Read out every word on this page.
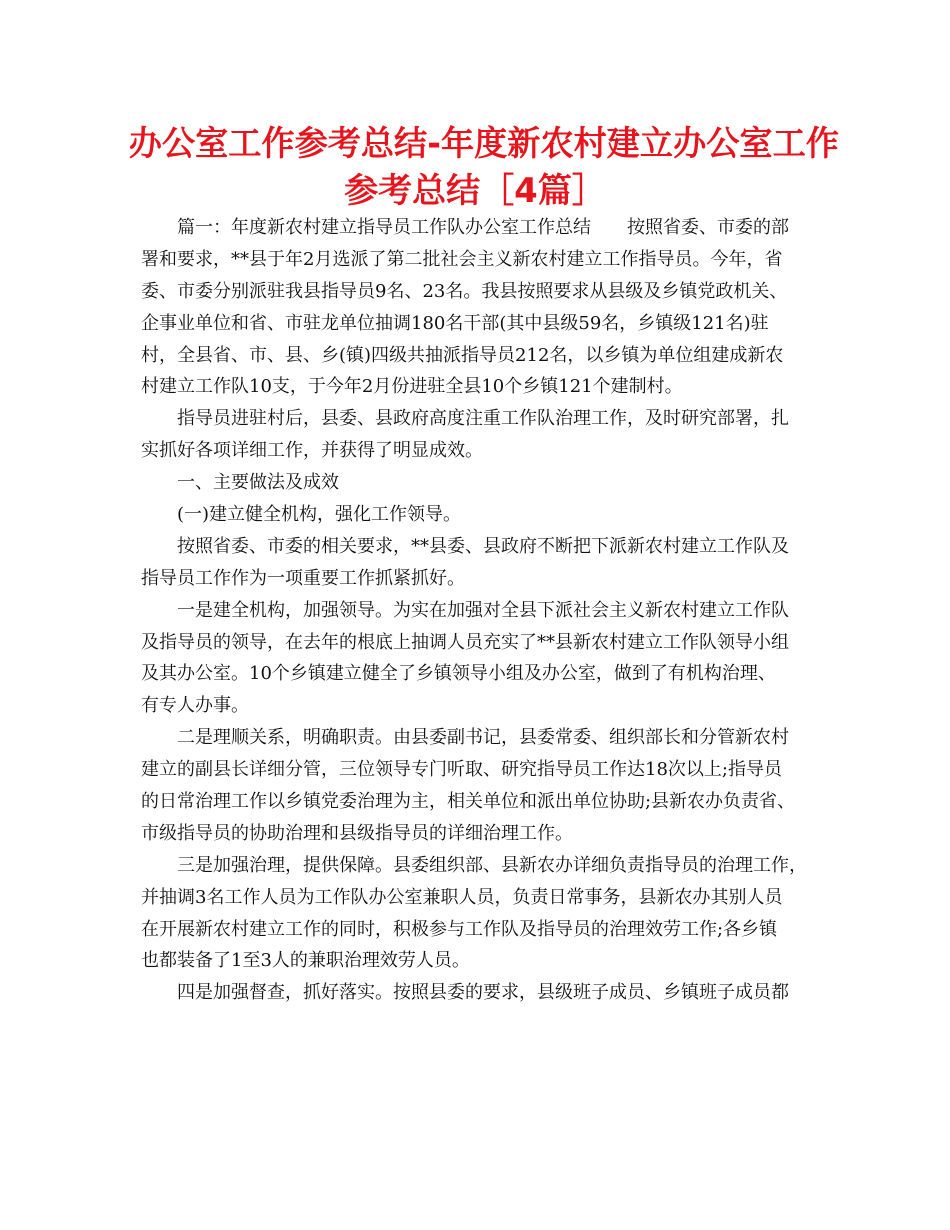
办公室工作参考总结-年度新农村建立办公室工作
参考总结［4篇］
篇一：年度新农村建立指导员工作队办公室工作总结　　按照省委、市委的部
署和要求，**县于年2月选派了第二批社会主义新农村建立工作指导员。今年，省
委、市委分别派驻我县指导员9名、23名。我县按照要求从县级及乡镇党政机关、
企事业单位和省、市驻龙单位抽调180名干部(其中县级59名，乡镇级121名)驻
村，全县省、市、县、乡(镇)四级共抽派指导员212名，以乡镇为单位组建成新农
村建立工作队10支，于今年2月份进驻全县10个乡镇121个建制村。
指导员进驻村后，县委、县政府高度注重工作队治理工作，及时研究部署，扎
实抓好各项详细工作，并获得了明显成效。
一、主要做法及成效
(一)建立健全机构，强化工作领导。
按照省委、市委的相关要求，**县委、县政府不断把下派新农村建立工作队及
指导员工作作为一项重要工作抓紧抓好。
一是建全机构，加强领导。为实在加强对全县下派社会主义新农村建立工作队
及指导员的领导，在去年的根底上抽调人员充实了**县新农村建立工作队领导小组
及其办公室。10个乡镇建立健全了乡镇领导小组及办公室，做到了有机构治理、
有专人办事。
二是理顺关系，明确职责。由县委副书记，县委常委、组织部长和分管新农村
建立的副县长详细分管，三位领导专门听取、研究指导员工作达18次以上;指导员
的日常治理工作以乡镇党委治理为主，相关单位和派出单位协助;县新农办负责省、
市级指导员的协助治理和县级指导员的详细治理工作。
三是加强治理，提供保障。县委组织部、县新农办详细负责指导员的治理工作，
并抽调3名工作人员为工作队办公室兼职人员，负责日常事务，县新农办其别人员
在开展新农村建立工作的同时，积极参与工作队及指导员的治理效劳工作;各乡镇
也都装备了1至3人的兼职治理效劳人员。
四是加强督查，抓好落实。按照县委的要求，县级班子成员、乡镇班子成员都
